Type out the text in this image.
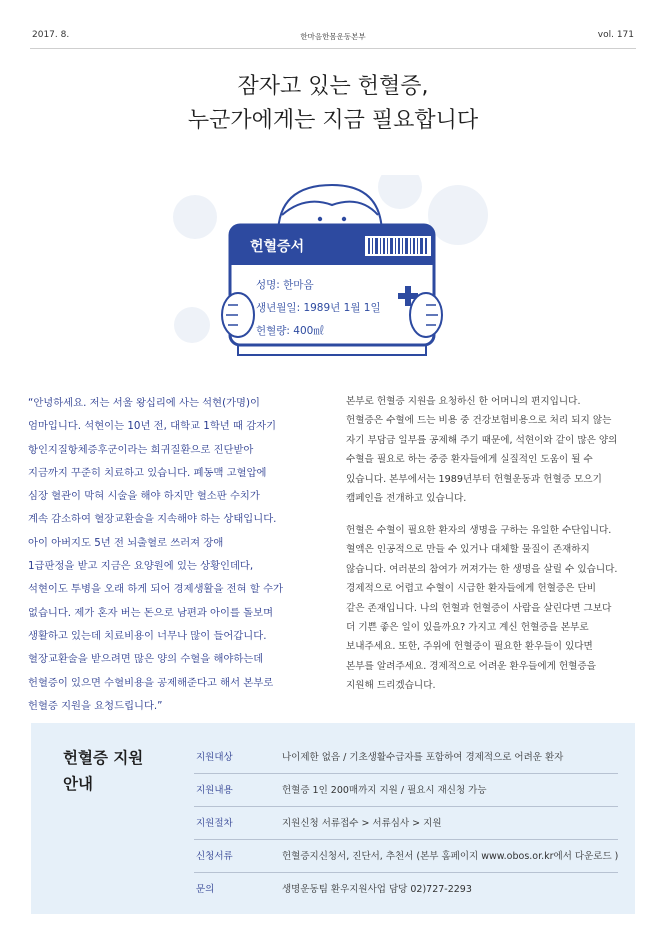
2017. 8.	한마음한몸운동본부	vol. 171
잠자고 있는 헌혈증,
누군가에게는 지금 필요합니다
헌혈증서
성명: 한마음
생년월일: 1989년 1월 1일
헌혈량: 400㎖

“안녕하세요. 저는 서울 왕십리에 사는 석현(가명)이

엄마입니다. 석현이는 10년 전, 대학교 1학년 때 감자기

항인지질항체증후군이라는 희귀질환으로 진단받아

지금까지 꾸준히 치료하고 있습니다. 폐동맥 고혈압에

심장 혈관이 막혀 시술을 해야 하지만 혈소판 수치가

계속 감소하여 혈장교환술을 지속해야 하는 상태입니다.

아이 아버지도 5년 전 뇌출혈로 쓰러져 장애

1급판정을 받고 지금은 요양원에 있는 상황인데다,

석현이도 투병을 오래 하게 되어 경제생활을 전혀 할 수가

없습니다. 제가 혼자 버는 돈으로 남편과 아이를 돌보며

생활하고 있는데 치료비용이 너무나 많이 들어갑니다.

혈장교환술을 받으려면 많은 양의 수혈을 해야하는데

헌혈증이 있으면 수혈비용을 공제해준다고 해서 본부로

헌혈증 지원을 요청드립니다.”

본부로 헌혈증 지원을 요청하신 한 어머니의 편지입니다.

헌혈증은 수혈에 드는 비용 중 건강보험비용으로 처리 되지 않는

자기 부담금 일부를 공제해 주기 때문에, 석현이와 같이 많은 양의

수혈을 필요로 하는 중증 환자들에게 실질적인 도움이 될 수

있습니다. 본부에서는 1989년부터 헌혈운동과 헌혈증 모으기

캠페인을 전개하고 있습니다.

헌혈은 수혈이 필요한 환자의 생명을 구하는 유일한 수단입니다.

혈액은 인공적으로 만들 수 있거나 대체할 물질이 존재하지

않습니다. 여러분의 참여가 꺼져가는 한 생명을 살릴 수 있습니다.

경제적으로 어렵고 수혈이 시급한 환자들에게 헌혈증은 단비

같은 존재입니다. 나의 헌혈과 헌혈증이 사람을 살린다면 그보다

더 기쁜 좋은 일이 있을까요? 가지고 계신 헌혈증을 본부로

보내주세요. 또한, 주위에 헌혈증이 필요한 환우들이 있다면

본부를 알려주세요. 경제적으로 어려운 환우들에게 헌혈증을

지원해 드리겠습니다.

헌혈증 지원
안내
지원대상	나이제한 없음 / 기초생활수급자를 포함하여 경제적으로 어려운 환자
지원내용	헌혈증 1인 200매까지 지원 / 필요시 재신청 가능
지원절차	지원신청 서류접수 > 서류심사 > 지원
신청서류	헌혈증지신청서, 진단서, 추천서 (본부 홈페이지 www.obos.or.kr에서 다운로드 )
문의	생명운동팀 환우지원사업 담당 02)727-2293
